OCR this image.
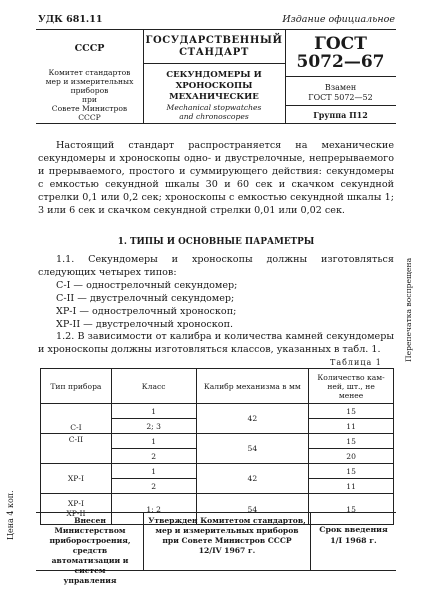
УДК 681.11	Издание официальное
СССР
Комитет стандартов
мер и измерительных
приборов
при
Совете Министров
СССР
ГОСУДАРСТВЕННЫЙ
СТАНДАРТ
СЕКУНДОМЕРЫ И
ХРОНОСКОПЫ
МЕХАНИЧЕСКИЕ
Mechanical stopwatches
and chronoscopes
ГОСТ
5072—67
Взамен
ГОСТ 5072—52
Группа П12
Настоящий стандарт распространяется на механические секундомеры и хроноскопы одно- и двустрелочные, непрерываемого и прерываемого, простого и суммирующего действия: секундомеры с емкостью секундной шкалы 30 и 60 сек и скачком секундной стрелки 0,1 или 0,2 сек; хроноскопы с емкостью секундной шкалы 1; 3 или 6 сек и скачком секундной стрелки 0,01 или 0,02 сек.
1. ТИПЫ И ОСНОВНЫЕ ПАРАМЕТРЫ
1.1. Секундомеры и хроноскопы должны изготовляться следующих четырех типов:
С-I — однострелочный секундомер;
С-II — двустрелочный секундомер;
ХР-I — однострелочный хроноскоп;
ХР-II — двустрелочный хроноскоп.
1.2. В зависимости от калибра и количества камней секундомеры и хроноскопы должны изготовляться классов, указанных в табл. 1.
Таблица 1
Тип прибора	Класс	Калибр механизма в мм	Количество кам-
ней, шт., не
менее

С-I	1	42	15
	2; 3		11
С-II	1	54	15
	2		20
ХР-I	1	42	15
	2		11

ХР-I
ХР-II	1; 2	54	15
Внесен Министерством
приборостроения, средств
автоматизации и систем
управления
Утвержден Комитетом стандартов,
мер и измерительных приборов
при Совете Министров СССР
12/IV 1967 г.
Срок введения
1/I 1968 г.
Перепечатка воспрещена
Цена 4 коп.
